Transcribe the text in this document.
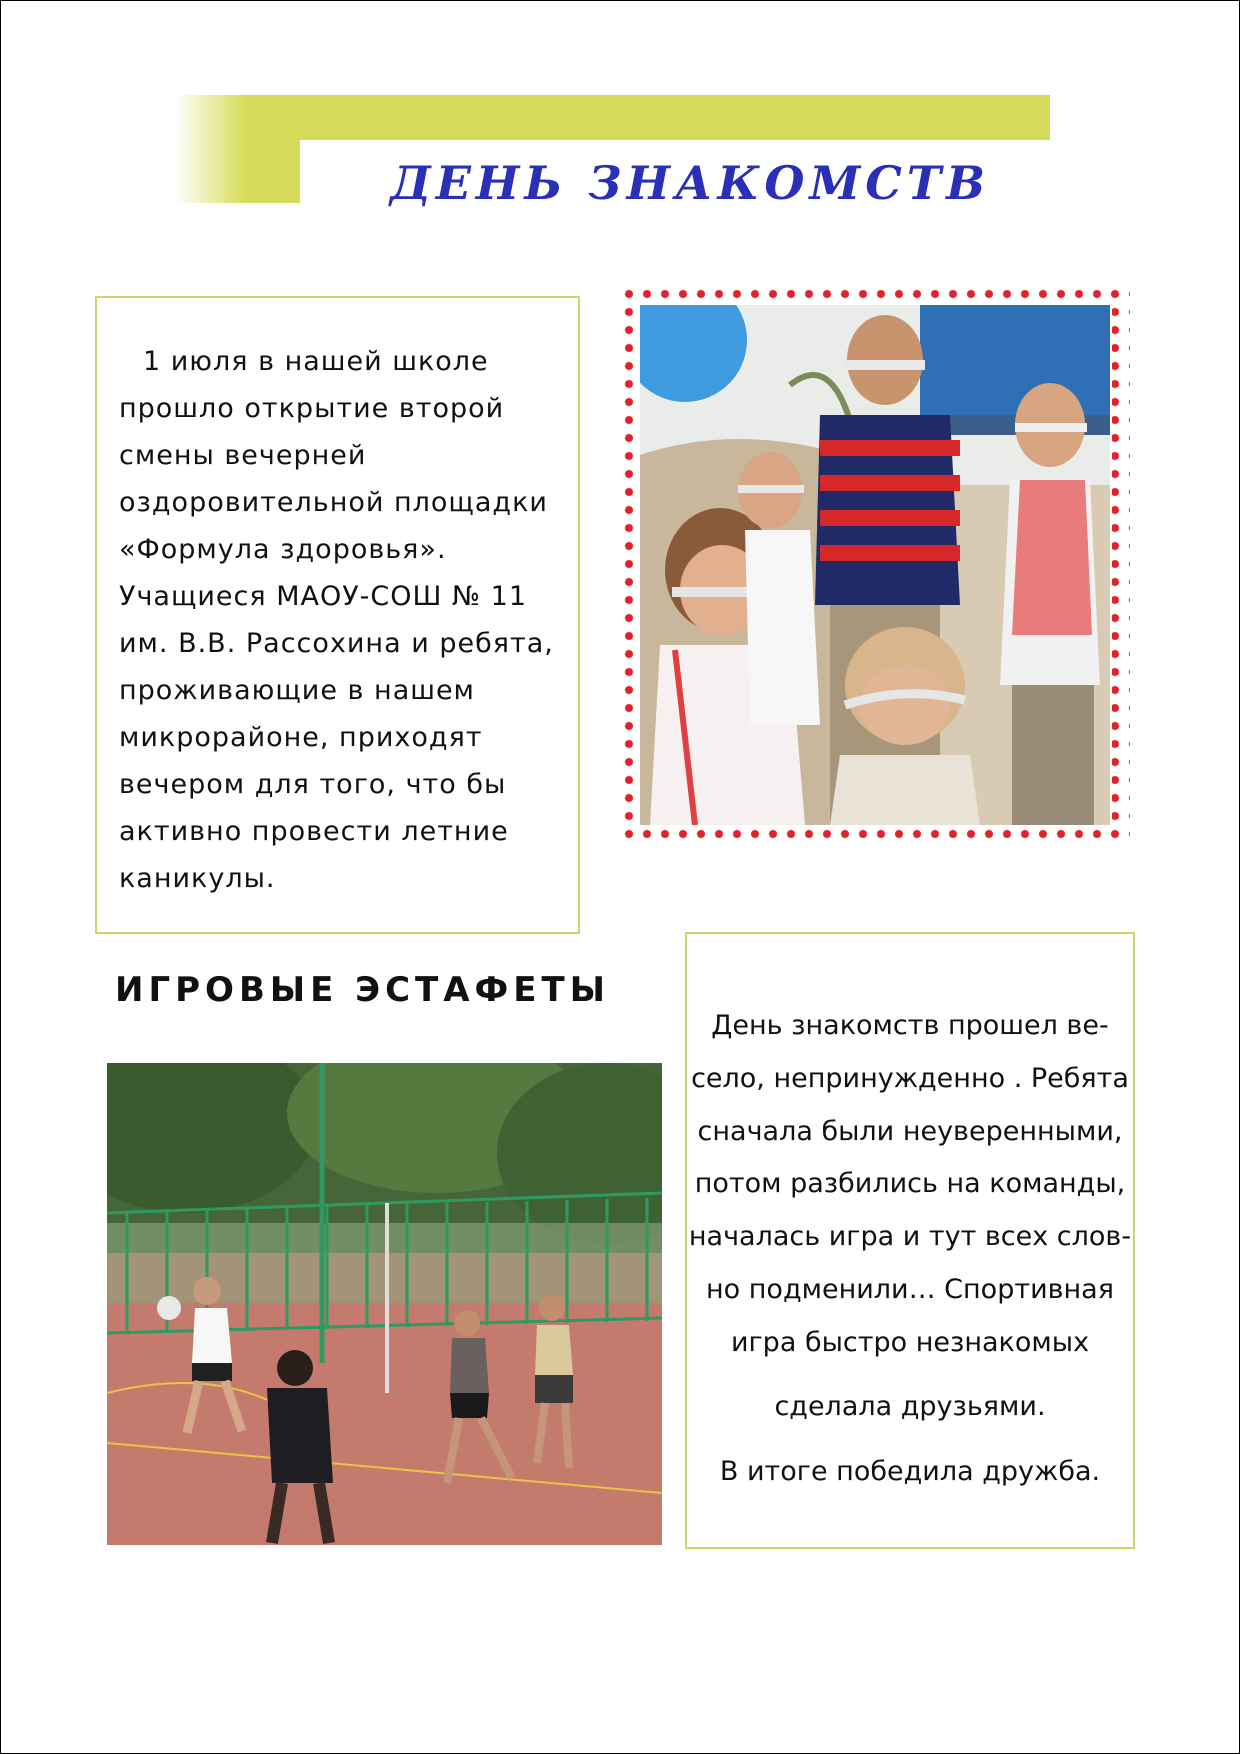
ДЕНЬ ЗНАКОМСТВ

1 июля в нашей школе прошло открытие второй смены вечерней оздоровительной площадки «Формула здоровья». Учащиеся МАОУ-СОШ № 11 им. В.В. Рассохина и ребята, проживающие в нашем микрорайоне, приходят вечером для того, что бы активно провести летние каникулы.

ИГРОВЫЕ ЭСТАФЕТЫ

День знакомств прошел ве-

село, непринужденно . Ребята

сначала были неуверенными,

потом разбились на команды,

началась игра и тут всех слов-

но подменили… Спортивная

игра быстро незнакомых

сделала друзьями.

В итоге победила дружба.
